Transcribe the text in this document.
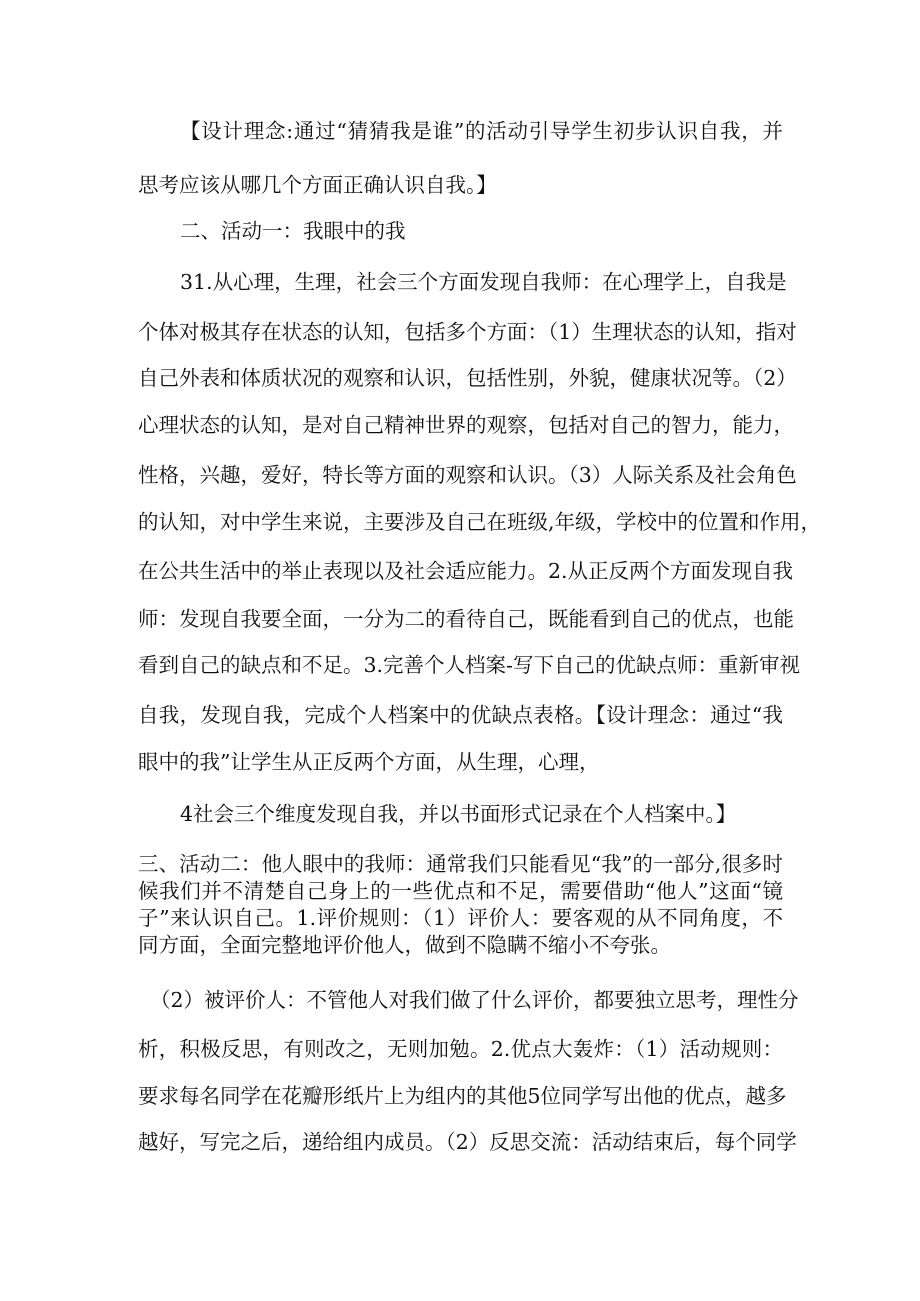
【设计理念:通过“猜猜我是谁”的活动引导学生初步认识自我，并
思考应该从哪几个方面正确认识自我。】
二、活动一：我眼中的我
31.从心理，生理，社会三个方面发现自我师：在心理学上，自我是
个体对极其存在状态的认知，包括多个方面：（1）生理状态的认知，指对
自己外表和体质状况的观察和认识，包括性别，外貌，健康状况等。（2）
心理状态的认知，是对自己精神世界的观察，包括对自己的智力，能力，
性格，兴趣，爱好，特长等方面的观察和认识。（3）人际关系及社会角色
的认知，对中学生来说，主要涉及自己在班级,年级，学校中的位置和作用，
在公共生活中的举止表现以及社会适应能力。2.从正反两个方面发现自我
师：发现自我要全面，一分为二的看待自己，既能看到自己的优点，也能
看到自己的缺点和不足。3.完善个人档案-写下自己的优缺点师：重新审视
自我，发现自我，完成个人档案中的优缺点表格。【设计理念：通过“我
眼中的我”让学生从正反两个方面，从生理，心理，
4社会三个维度发现自我，并以书面形式记录在个人档案中。】
三、活动二：他人眼中的我师：通常我们只能看见“我”的一部分,很多时
候我们并不清楚自己身上的一些优点和不足，需要借助“他人”这面“镜
子”来认识自己。1.评价规则：（1）评价人：要客观的从不同角度，不
同方面，全面完整地评价他人，做到不隐瞒不缩小不夸张。
（2）被评价人：不管他人对我们做了什么评价，都要独立思考，理性分
析，积极反思，有则改之，无则加勉。2.优点大轰炸：（1）活动规则：
要求每名同学在花瓣形纸片上为组内的其他5位同学写出他的优点，越多
越好，写完之后，递给组内成员。（2）反思交流：活动结束后，每个同学
